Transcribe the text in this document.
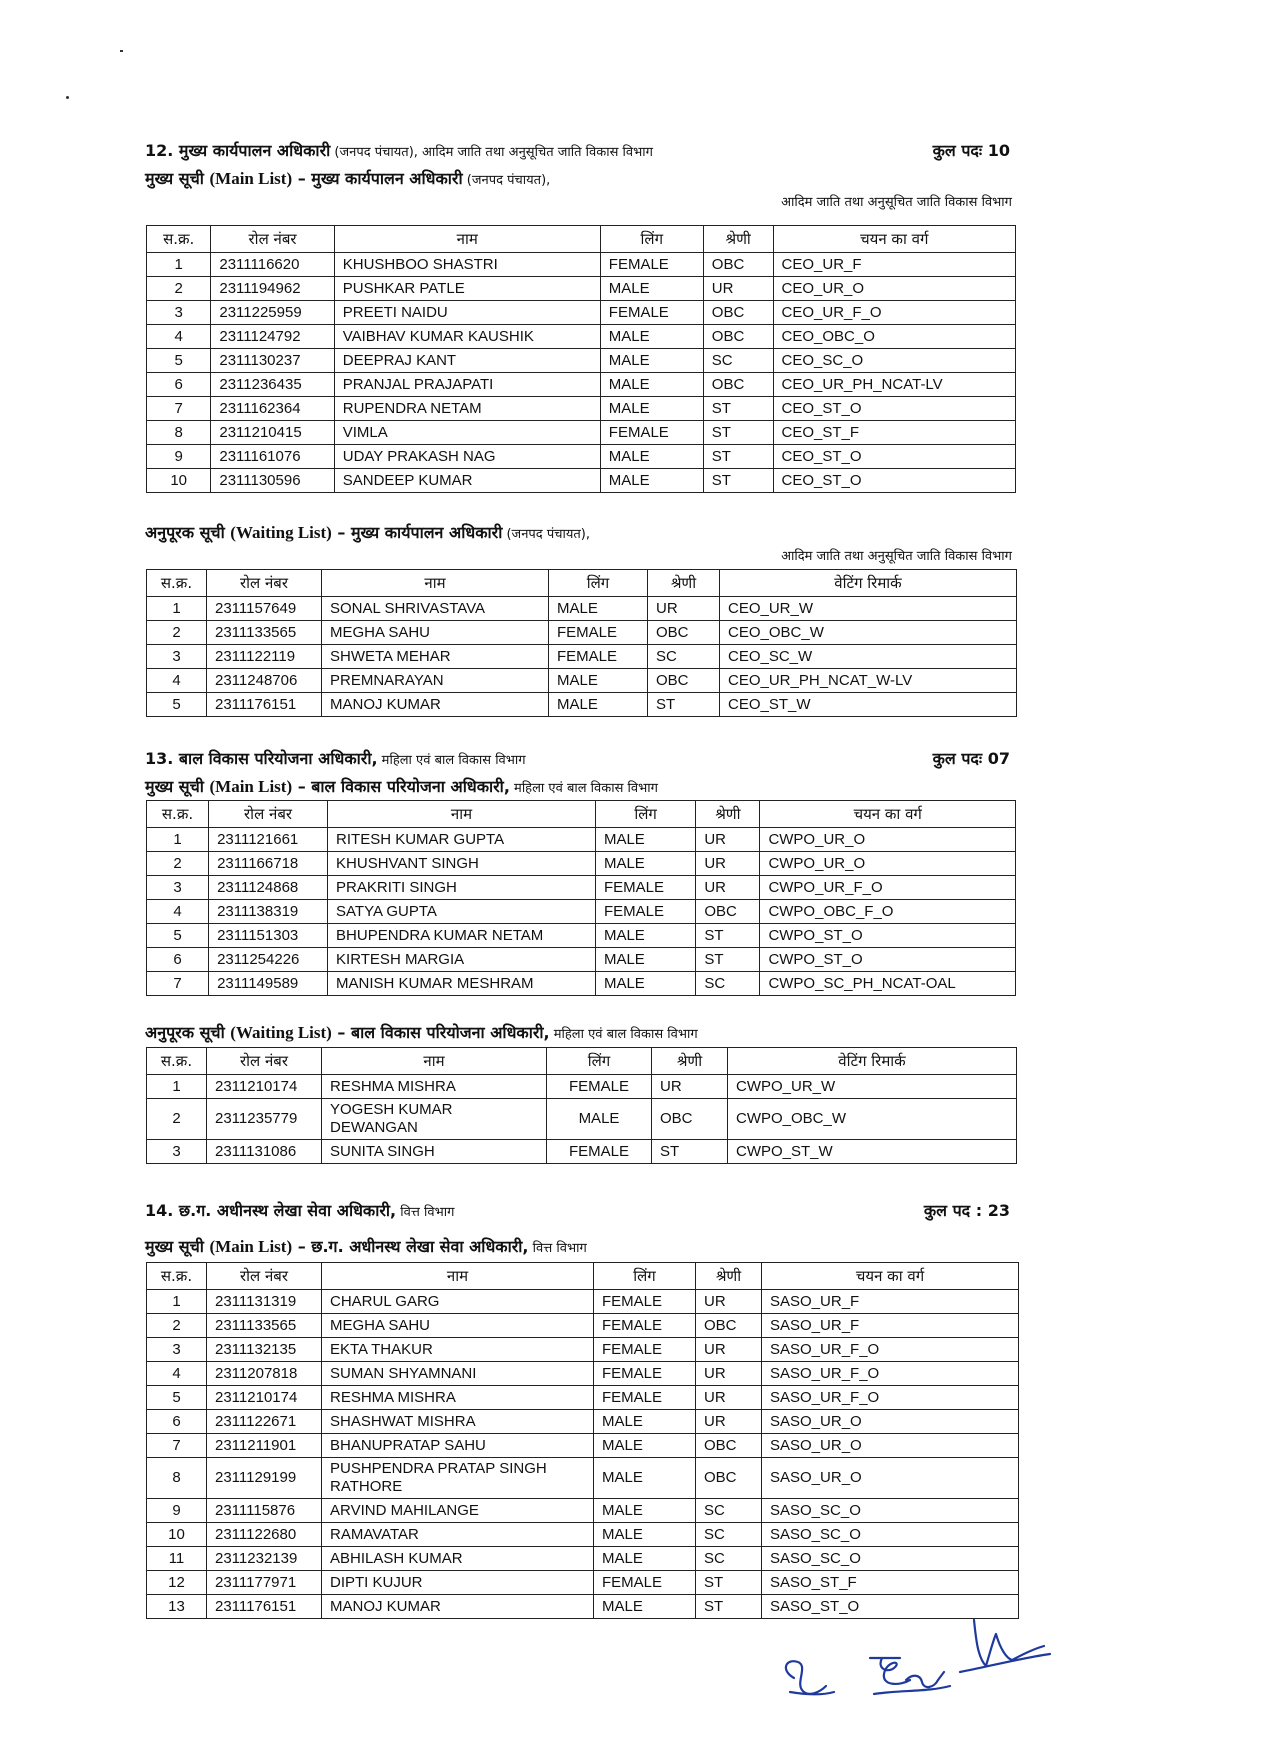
12. मुख्य कार्यपालन अधिकारी (जनपद पंचायत), आदिम जाति तथा अनुसूचित जाति विकास विभाग	कुल पदः 10
मुख्य सूची (Main List) – मुख्य कार्यपालन अधिकारी (जनपद पंचायत),
आदिम जाति तथा अनुसूचित जाति विकास विभाग
स.क्र.	रोल नंबर	नाम	लिंग	श्रेणी	चयन का वर्ग
1	2311116620	KHUSHBOO SHASTRI	FEMALE	OBC	CEO_UR_F
2	2311194962	PUSHKAR PATLE	MALE	UR	CEO_UR_O
3	2311225959	PREETI NAIDU	FEMALE	OBC	CEO_UR_F_O
4	2311124792	VAIBHAV KUMAR KAUSHIK	MALE	OBC	CEO_OBC_O
5	2311130237	DEEPRAJ KANT	MALE	SC	CEO_SC_O
6	2311236435	PRANJAL PRAJAPATI	MALE	OBC	CEO_UR_PH_NCAT-LV
7	2311162364	RUPENDRA NETAM	MALE	ST	CEO_ST_O
8	2311210415	VIMLA	FEMALE	ST	CEO_ST_F
9	2311161076	UDAY PRAKASH NAG	MALE	ST	CEO_ST_O
10	2311130596	SANDEEP KUMAR	MALE	ST	CEO_ST_O
अनुपूरक सूची (Waiting List) – मुख्य कार्यपालन अधिकारी (जनपद पंचायत),
आदिम जाति तथा अनुसूचित जाति विकास विभाग
स.क्र.	रोल नंबर	नाम	लिंग	श्रेणी	वेटिंग रिमार्क
1	2311157649	SONAL SHRIVASTAVA	MALE	UR	CEO_UR_W
2	2311133565	MEGHA SAHU	FEMALE	OBC	CEO_OBC_W
3	2311122119	SHWETA MEHAR	FEMALE	SC	CEO_SC_W
4	2311248706	PREMNARAYAN	MALE	OBC	CEO_UR_PH_NCAT_W-LV
5	2311176151	MANOJ KUMAR	MALE	ST	CEO_ST_W
13. बाल विकास परियोजना अधिकारी, महिला एवं बाल विकास विभाग	कुल पदः 07
मुख्य सूची (Main List) – बाल विकास परियोजना अधिकारी, महिला एवं बाल विकास विभाग
स.क्र.	रोल नंबर	नाम	लिंग	श्रेणी	चयन का वर्ग
1	2311121661	RITESH KUMAR GUPTA	MALE	UR	CWPO_UR_O
2	2311166718	KHUSHVANT SINGH	MALE	UR	CWPO_UR_O
3	2311124868	PRAKRITI SINGH	FEMALE	UR	CWPO_UR_F_O
4	2311138319	SATYA GUPTA	FEMALE	OBC	CWPO_OBC_F_O
5	2311151303	BHUPENDRA KUMAR NETAM	MALE	ST	CWPO_ST_O
6	2311254226	KIRTESH MARGIA	MALE	ST	CWPO_ST_O
7	2311149589	MANISH KUMAR MESHRAM	MALE	SC	CWPO_SC_PH_NCAT-OAL
अनुपूरक सूची (Waiting List) – बाल विकास परियोजना अधिकारी, महिला एवं बाल विकास विभाग
स.क्र.	रोल नंबर	नाम	लिंग	श्रेणी	वेटिंग रिमार्क
1	2311210174	RESHMA MISHRA	FEMALE	UR	CWPO_UR_W
2	2311235779	YOGESH KUMAR DEWANGAN	MALE	OBC	CWPO_OBC_W
3	2311131086	SUNITA SINGH	FEMALE	ST	CWPO_ST_W
14. छ.ग. अधीनस्थ लेखा सेवा अधिकारी, वित्त विभाग	कुल पद : 23
मुख्य सूची (Main List) – छ.ग. अधीनस्थ लेखा सेवा अधिकारी, वित्त विभाग
स.क्र.	रोल नंबर	नाम	लिंग	श्रेणी	चयन का वर्ग
1	2311131319	CHARUL GARG	FEMALE	UR	SASO_UR_F
2	2311133565	MEGHA SAHU	FEMALE	OBC	SASO_UR_F
3	2311132135	EKTA THAKUR	FEMALE	UR	SASO_UR_F_O
4	2311207818	SUMAN SHYAMNANI	FEMALE	UR	SASO_UR_F_O
5	2311210174	RESHMA MISHRA	FEMALE	UR	SASO_UR_F_O
6	2311122671	SHASHWAT MISHRA	MALE	UR	SASO_UR_O
7	2311211901	BHANUPRATAP SAHU	MALE	OBC	SASO_UR_O
8	2311129199	PUSHPENDRA PRATAP SINGH RATHORE	MALE	OBC	SASO_UR_O
9	2311115876	ARVIND MAHILANGE	MALE	SC	SASO_SC_O
10	2311122680	RAMAVATAR	MALE	SC	SASO_SC_O
11	2311232139	ABHILASH KUMAR	MALE	SC	SASO_SC_O
12	2311177971	DIPTI KUJUR	FEMALE	ST	SASO_ST_F
13	2311176151	MANOJ KUMAR	MALE	ST	SASO_ST_O
